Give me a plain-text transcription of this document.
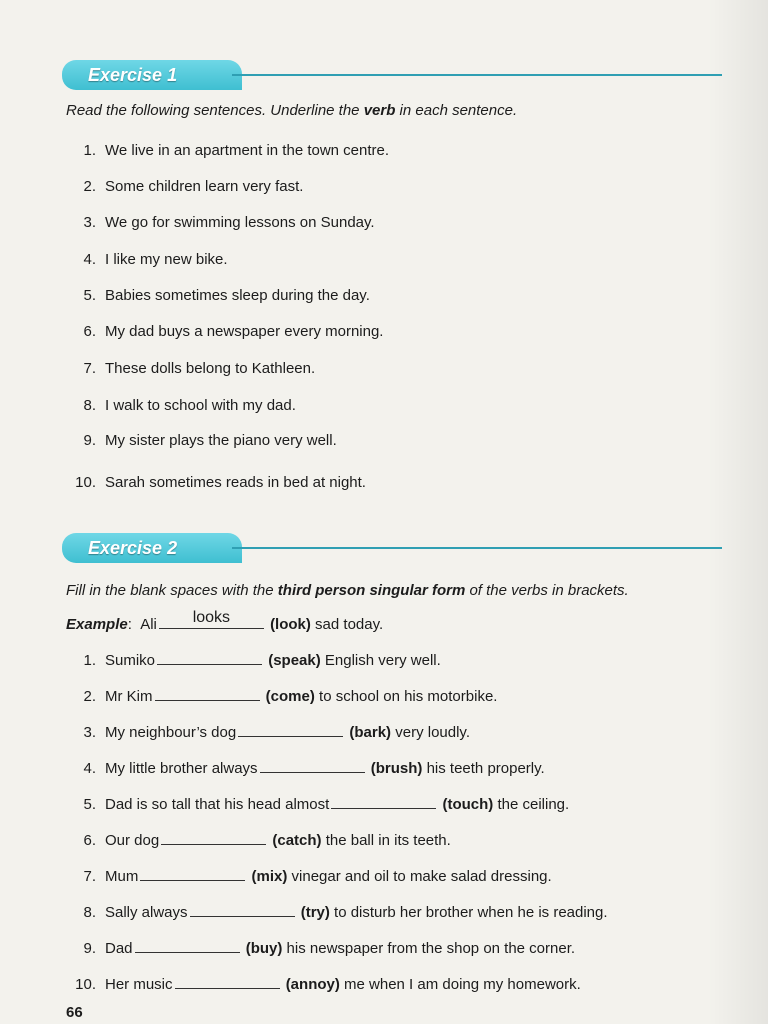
Exercise 1
Read the following sentences. Underline the verb in each sentence.
1. We live in an apartment in the town centre.
2. Some children learn very fast.
3. We go for swimming lessons on Sunday.
4. I like my new bike.
5. Babies sometimes sleep during the day.
6. My dad buys a newspaper every morning.
7. These dolls belong to Kathleen.
8. I walk to school with my dad.
9. My sister plays the piano very well.
10. Sarah sometimes reads in bed at night.
Exercise 2
Fill in the blank spaces with the third person singular form of the verbs in brackets.
Example: Ali	looks	(look) sad today.
1. Sumiko	(speak) English very well.
2. Mr Kim	(come) to school on his motorbike.
3. My neighbour’s dog	(bark) very loudly.
4. My little brother always	(brush) his teeth properly.
5. Dad is so tall that his head almost	(touch) the ceiling.
6. Our dog	(catch) the ball in its teeth.
7. Mum	(mix) vinegar and oil to make salad dressing.
8. Sally always	(try) to disturb her brother when he is reading.
9. Dad	(buy) his newspaper from the shop on the corner.
10. Her music	(annoy) me when I am doing my homework.
66
